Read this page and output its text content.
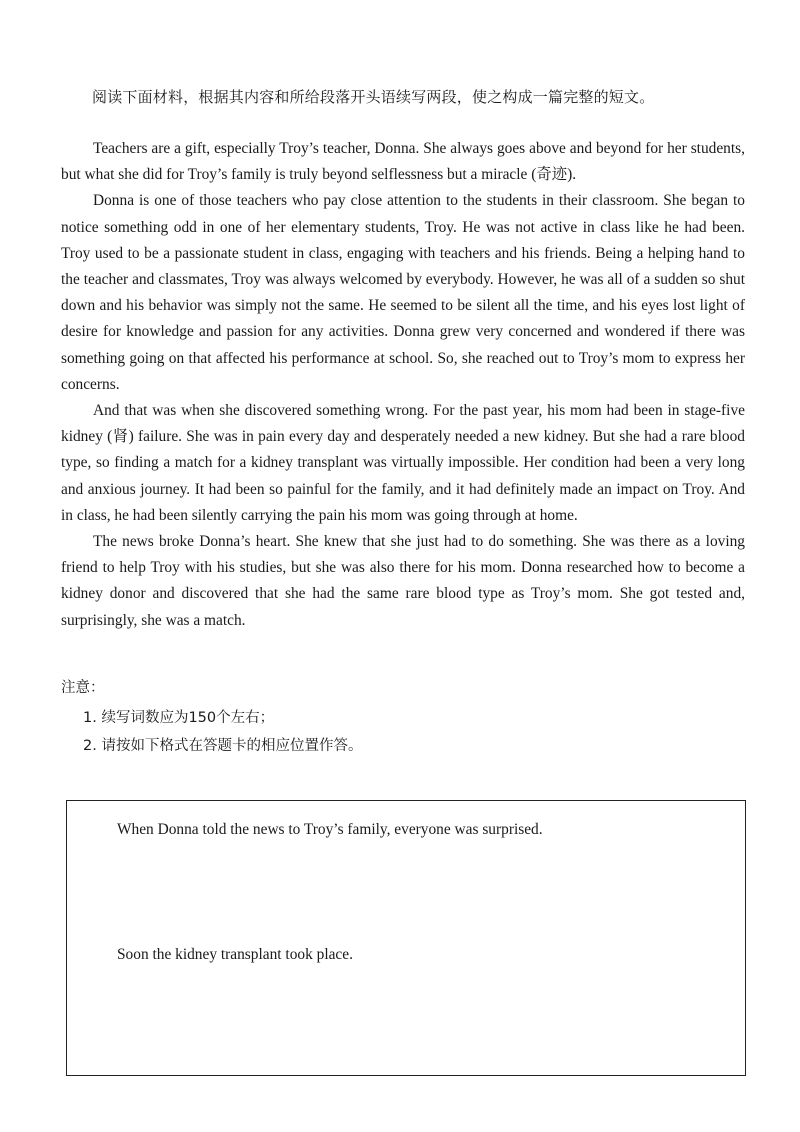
阅读下面材料，根据其内容和所给段落开头语续写两段，使之构成一篇完整的短文。

Teachers are a gift, especially Troy’s teacher, Donna. She always goes above and beyond for her students, but what she did for Troy’s family is truly beyond selflessness but a miracle (奇迹).

Donna is one of those teachers who pay close attention to the students in their classroom. She began to notice something odd in one of her elementary students, Troy. He was not active in class like he had been. Troy used to be a passionate student in class, engaging with teachers and his friends. Being a helping hand to the teacher and classmates, Troy was always welcomed by everybody. However, he was all of a sudden so shut down and his behavior was simply not the same. He seemed to be silent all the time, and his eyes lost light of desire for knowledge and passion for any activities. Donna grew very concerned and wondered if there was something going on that affected his performance at school. So, she reached out to Troy’s mom to express her concerns.

And that was when she discovered something wrong. For the past year, his mom had been in stage-five kidney (肾) failure. She was in pain every day and desperately needed a new kidney. But she had a rare blood type, so finding a match for a kidney transplant was virtually impossible. Her condition had been a very long and anxious journey. It had been so painful for the family, and it had definitely made an impact on Troy. And in class, he had been silently carrying the pain his mom was going through at home.

The news broke Donna’s heart. She knew that she just had to do something. She was there as a loving friend to help Troy with his studies, but she was also there for his mom. Donna researched how to become a kidney donor and discovered that she had the same rare blood type as Troy’s mom. She got tested and, surprisingly, she was a match.

注意：

1. 续写词数应为150个左右；

2. 请按如下格式在答题卡的相应位置作答。

When Donna told the news to Troy’s family, everyone was surprised.

Soon the kidney transplant took place.
